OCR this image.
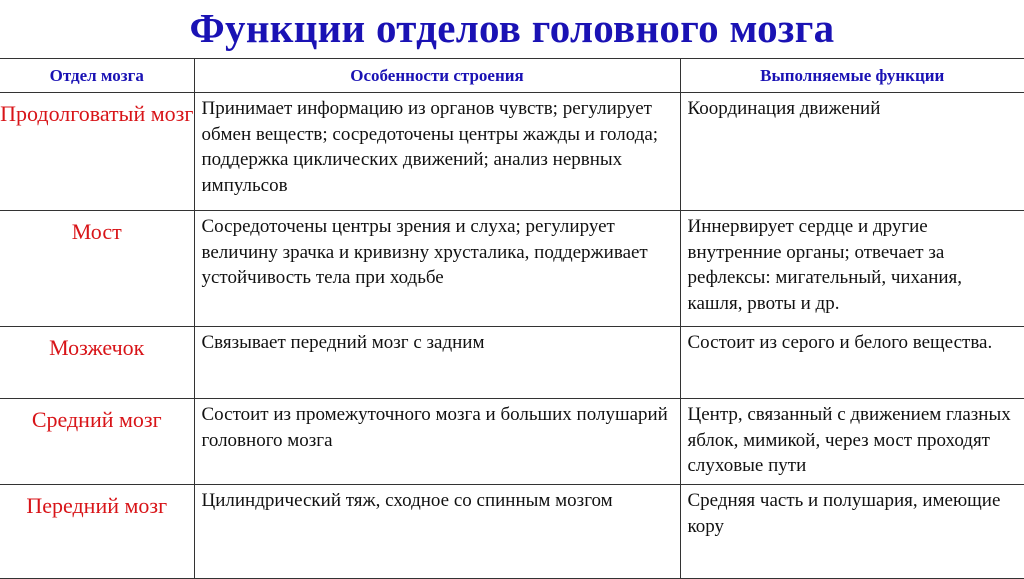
Функции отделов головного мозга
Отдел мозга	Особенности строения	Выполняемые функции
Продолговатый мозг	Принимает информацию из органов чувств; регулирует обмен веществ; сосредоточены центры жажды и голода; поддержка циклических движений; анализ нервных импульсов	Координация движений
Мост	Сосредоточены центры зрения и слуха; регулирует величину зрачка и кривизну хрусталика, поддерживает устойчивость тела при ходьбе	Иннервирует сердце и другие внутренние органы; отвечает за рефлексы: мигательный, чихания, кашля, рвоты и др.
Мозжечок	Связывает передний мозг с задним	Состоит из серого и белого вещества.
Средний мозг	Состоит из промежуточного мозга и больших полушарий головного мозга	Центр, связанный с движением глазных яблок, мимикой, через мост проходят слуховые пути
Передний мозг	Цилиндрический тяж, сходное со спинным мозгом	Средняя часть и полушария, имеющие кору
